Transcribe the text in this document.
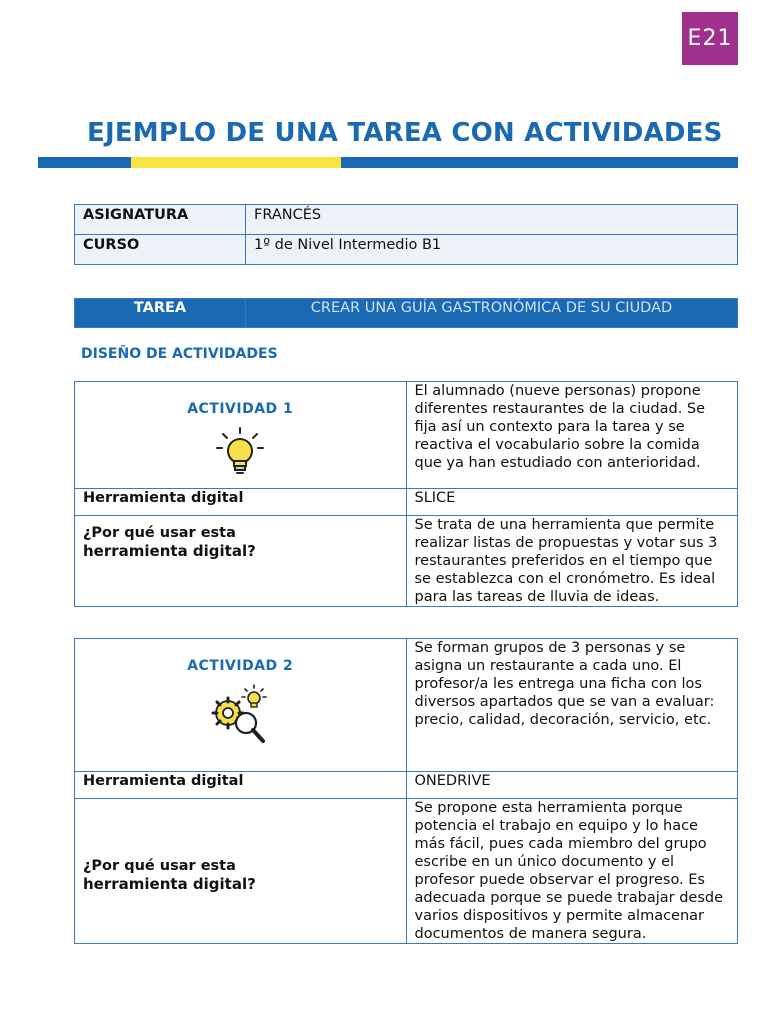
E21
EJEMPLO DE UNA TAREA CON ACTIVIDADES
ASIGNATURA	FRANCÉS
CURSO	1º de Nivel Intermedio B1
TAREA	CREAR UNA GUÍA GASTRONÓMICA DE SU CIUDAD
DISEÑO DE ACTIVIDADES
ACTIVIDAD 1	El alumnado (nueve personas) propone diferentes restaurantes de la ciudad. Se fija así un contexto para la tarea y se reactiva el vocabulario sobre la comida que ya han estudiado con anterioridad.
Herramienta digital	SLICE
¿Por qué usar esta
herramienta digital?	Se trata de una herramienta que permite realizar listas de propuestas y votar sus 3 restaurantes preferidos en el tiempo que se establezca con el cronómetro. Es ideal para las tareas de lluvia de ideas.
ACTIVIDAD 2	Se forman grupos de 3 personas y se asigna un restaurante a cada uno. El profesor/a les entrega una ficha con los diversos apartados que se van a evaluar: precio, calidad, decoración, servicio, etc.
Herramienta digital	ONEDRIVE
¿Por qué usar esta
herramienta digital?	Se propone esta herramienta porque potencia el trabajo en equipo y lo hace más fácil, pues cada miembro del grupo escribe en un único documento y el profesor puede observar el progreso. Es adecuada porque se puede trabajar desde varios dispositivos y permite almacenar documentos de manera segura.
